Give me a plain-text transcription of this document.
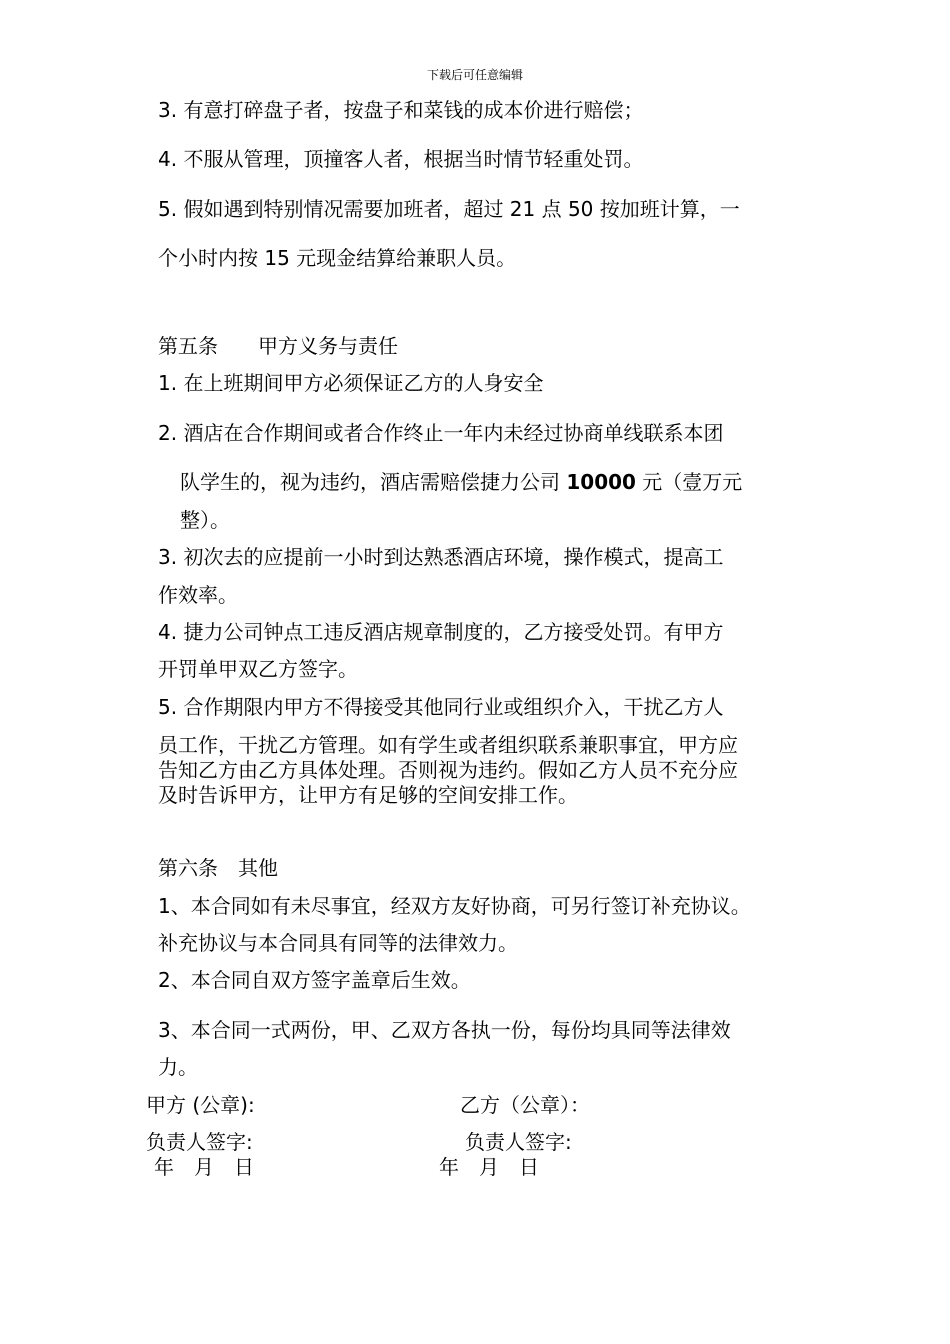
下载后可任意编辑
3. 有意打碎盘子者，按盘子和菜钱的成本价进行赔偿；
4. 不服从管理，顶撞客人者，根据当时情节轻重处罚。
5. 假如遇到特别情况需要加班者，超过 21 点 50 按加班计算，一
个小时内按 15 元现金结算给兼职人员。
第五条　　甲方义务与责任
1. 在上班期间甲方必须保证乙方的人身安全
2. 酒店在合作期间或者合作终止一年内未经过协商单线联系本团
队学生的，视为违约，酒店需赔偿捷力公司 10000 元（壹万元
整）。
3. 初次去的应提前一小时到达熟悉酒店环境，操作模式，提高工
作效率。
4. 捷力公司钟点工违反酒店规章制度的，乙方接受处罚。有甲方
开罚单甲双乙方签字。
5. 合作期限内甲方不得接受其他同行业或组织介入，干扰乙方人
员工作，干扰乙方管理。如有学生或者组织联系兼职事宜，甲方应
告知乙方由乙方具体处理。否则视为违约。假如乙方人员不充分应
及时告诉甲方，让甲方有足够的空间安排工作。
第六条　其他
1、本合同如有未尽事宜，经双方友好协商，可另行签订补充协议。
补充协议与本合同具有同等的法律效力。
2、本合同自双方签字盖章后生效。
3、本合同一式两份，甲、乙双方各执一份，每份均具同等法律效
力。
甲方 (公章):	乙方（公章）：
负责人签字:	负责人签字:
年　月　日	年　月　日
